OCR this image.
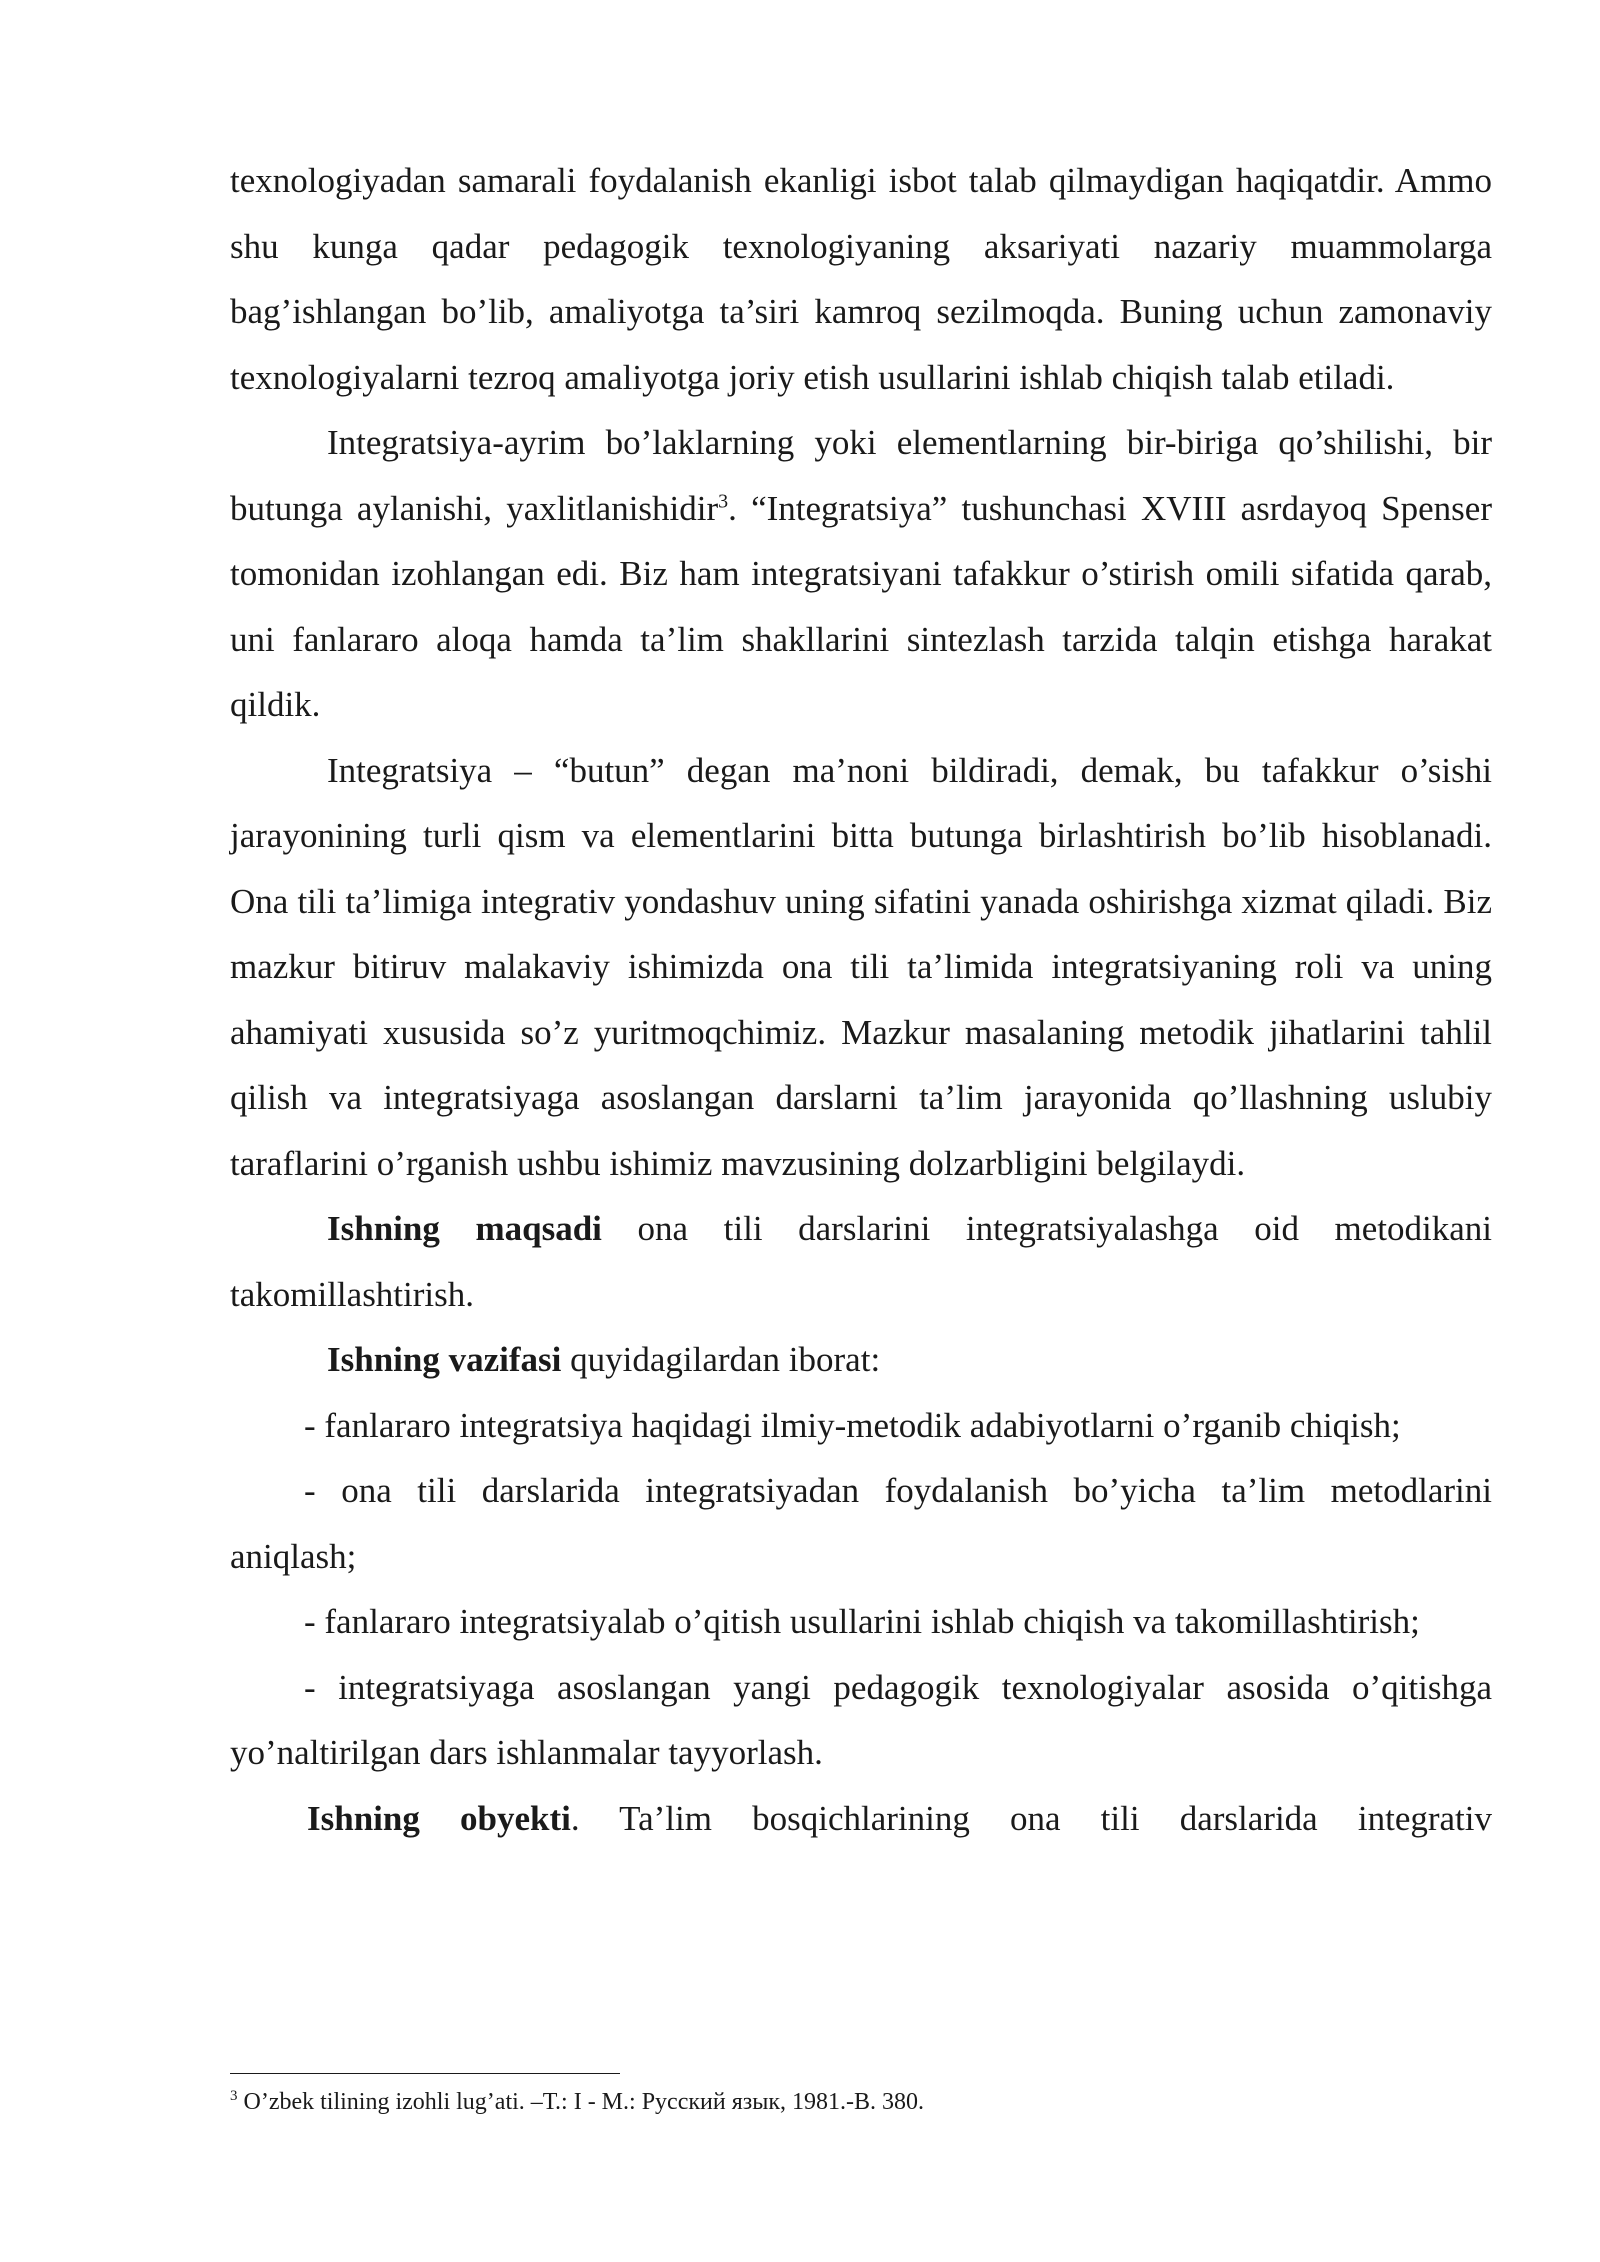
texnologiyadan samarali foydalanish ekanligi isbot talab qilmaydigan haqiqatdir. Ammo shu kunga qadar pedagogik texnologiyaning aksariyati nazariy muammolarga bag’ishlangan bo’lib, amaliyotga ta’siri kamroq sezilmoqda. Buning uchun zamonaviy texnologiyalarni tezroq amaliyotga joriy etish usullarini ishlab chiqish talab etiladi.

Integratsiya-ayrim bo’laklarning yoki elementlarning bir-biriga qo’shilishi, bir butunga aylanishi, yaxlitlanishidir$^3$. “Integratsiya” tushunchasi XVIII asrdayoq Spenser tomonidan izohlangan edi. Biz ham integratsiyani tafakkur o’stirish omili sifatida qarab, uni fanlararo aloqa hamda ta’lim shakllarini sintezlash tarzida talqin etishga harakat qildik.

Integratsiya – “butun” degan ma’noni bildiradi, demak, bu tafakkur o’sishi jarayonining turli qism va elementlarini bitta butunga birlashtirish bo’lib hisoblanadi. Ona tili ta’limiga integrativ yondashuv uning sifatini yanada oshirishga xizmat qiladi. Biz mazkur bitiruv malakaviy ishimizda ona tili ta’limida integratsiyaning roli va uning ahamiyati xususida so’z yuritmoqchimiz. Mazkur masalaning metodik jihatlarini tahlil qilish va integratsiyaga asoslangan darslarni ta’lim jarayonida qo’llashning uslubiy taraflarini o’rganish ushbu ishimiz mavzusining dolzarbligini belgilaydi.

Ishning maqsadi ona tili darslarini integratsiyalashga oid metodikani takomillashtirish.

Ishning vazifasi quyidagilardan iborat:

- fanlararo integratsiya haqidagi ilmiy-metodik adabiyotlarni o’rganib chiqish;

- ona tili darslarida integratsiyadan foydalanish bo’yicha ta’lim metodlarini aniqlash;

- fanlararo integratsiyalab o’qitish usullarini ishlab chiqish va takomillashtirish;

- integratsiyaga asoslangan yangi pedagogik texnologiyalar asosida o’qitishga yo’naltirilgan dars ishlanmalar tayyorlash.

Ishning obyekti. Ta’lim bosqichlarining ona tili darslarida integrativ

$^3$ O’zbek tilining izohli lug’ati. –Т.: I - М.: Русский язык, 1981.-В. 380.
